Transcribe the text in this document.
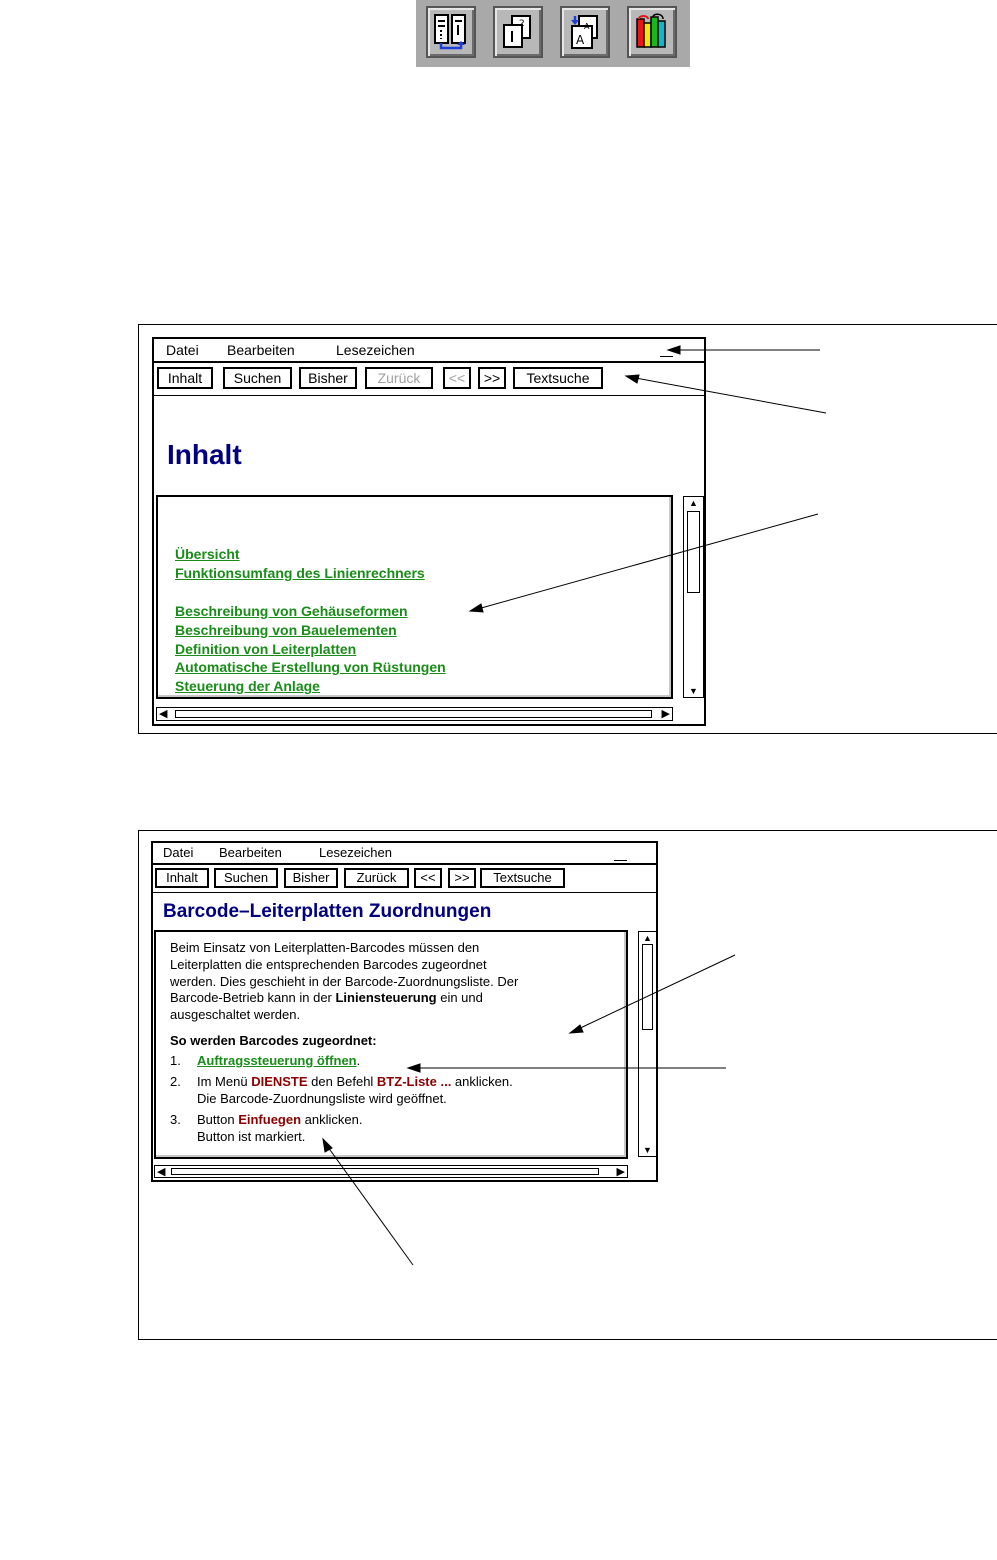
2
A
A
Datei Bearbeiten	Lesezeichen
Inhalt	Suchen	Bisher	Zurück	<<	>>	Textsuche
Inhalt
Übersicht
Funktionsumfang des Linienrechners
Beschreibung von Gehäuseformen
Beschreibung von Bauelementen
Definition von Leiterplatten
Automatische Erstellung von Rüstungen
Steuerung der Anlage
▲
▼
◀	▶
Datei Bearbeiten	Lesezeichen
Inhalt	Suchen	Bisher	Zurück	<<	>>	Textsuche
Barcode–Leiterplatten Zuordnungen
Beim Einsatz von Leiterplatten-Barcodes müssen den
Leiterplatten die entsprechenden Barcodes zugeordnet
werden. Dies geschieht in der Barcode-Zuordnungsliste. Der
Barcode-Betrieb kann in der Liniensteuerung ein und
ausgeschaltet werden.
So werden Barcodes zugeordnet:
1. Auftragssteuerung öffnen.
2. Im Menü DIENSTE den Befehl BTZ-Liste ... anklicken.
Die Barcode-Zuordnungsliste wird geöffnet.
3. Button Einfuegen anklicken.
Button ist markiert.
▲
▼
◀	▶
